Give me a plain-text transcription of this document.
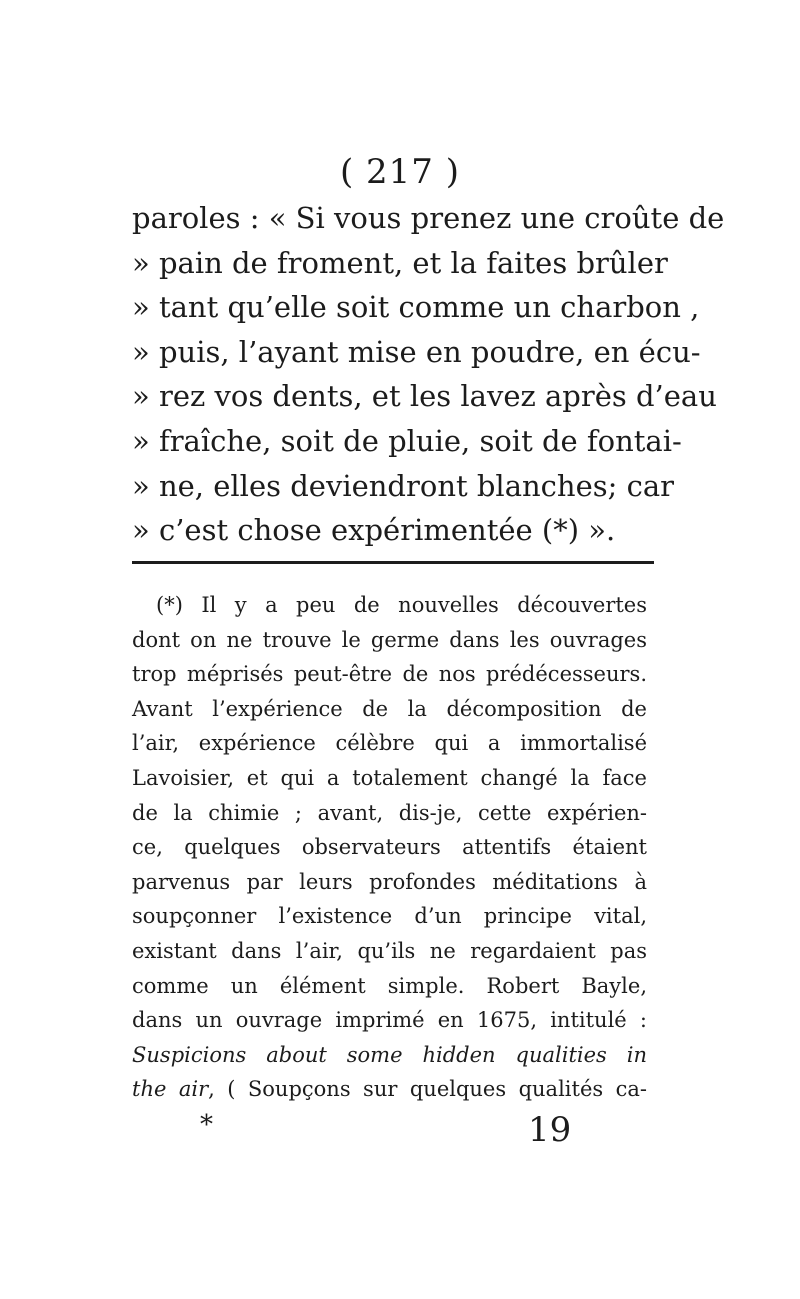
( 217 )
paroles : « Si vous prenez une croûte de
» pain de froment, et la faites brûler
» tant qu’elle soit comme un charbon ,
» puis, l’ayant mise en poudre, en écu-
» rez vos dents, et les lavez après d’eau
» fraîche, soit de pluie, soit de fontai-
» ne, elles deviendront blanches; car
» c’est chose expérimentée (*) ».
(*) Il y a peu de nouvelles découvertes
dont on ne trouve le germe dans les ouvrages
trop méprisés peut-être de nos prédécesseurs.
Avant l’expérience de la décomposition de
l’air, expérience célèbre qui a immortalisé
Lavoisier, et qui a totalement changé la face
de la chimie ; avant, dis-je, cette expérien-
ce, quelques observateurs attentifs étaient
parvenus par leurs profondes méditations à
soupçonner l’existence d’un principe vital,
existant dans l’air, qu’ils ne regardaient pas
comme un élément simple. Robert Bayle,
dans un ouvrage imprimé en 1675, intitulé :
Suspicions about some hidden qualities in
the air, ( Soupçons sur quelques qualités ca-
*	19
